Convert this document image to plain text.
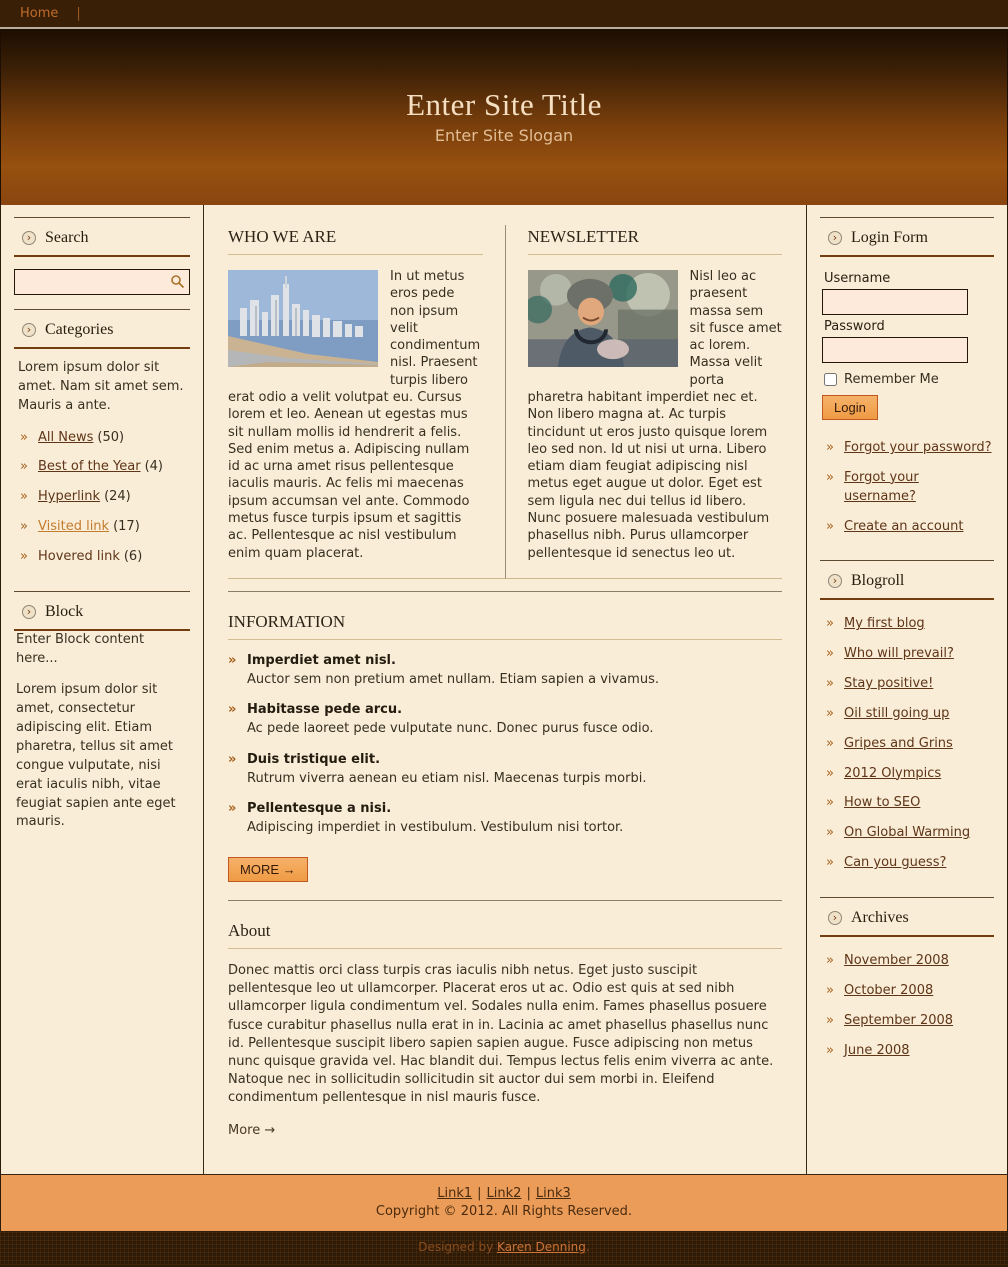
Home |
Enter Site Title
Enter Site Slogan
› Search
› Categories

Lorem ipsum dolor sit amet. Nam sit amet sem. Mauris a ante.

» All News (50)
» Best of the Year (4)
» Hyperlink (24)
» Visited link (17)
» Hovered link (6)
› Block

Enter Block content here...

Lorem ipsum dolor sit amet, consectetur adipiscing elit. Etiam pharetra, tellus sit amet congue vulputate, nisi erat iaculis nibh, vitae feugiat sapien ante eget mauris.

WHO WE ARE

In ut metus eros pede non ipsum velit condimentum nisl. Praesent turpis libero erat odio a velit volutpat eu. Cursus lorem et leo. Aenean ut egestas mus sit nullam mollis id hendrerit a felis. Sed enim metus a. Adipiscing nullam id ac urna amet risus pellentesque iaculis mauris. Ac felis mi maecenas ipsum accumsan vel ante. Commodo metus fusce turpis ipsum et sagittis ac. Pellentesque ac nisl vestibulum enim quam placerat.

NEWSLETTER

Nisl leo ac praesent massa sem sit fusce amet ac lorem. Massa velit porta pharetra habitant imperdiet nec et. Non libero magna at. Ac turpis tincidunt ut eros justo quisque lorem leo sed non. Id ut nisi ut urna. Libero etiam diam feugiat adipiscing nisl metus eget augue ut dolor. Eget est sem ligula nec dui tellus id libero. Nunc posuere malesuada vestibulum phasellus nibh. Purus ullamcorper pellentesque id senectus leo ut.

INFORMATION
» Imperdiet amet nisl.
Auctor sem non pretium amet nullam. Etiam sapien a vivamus.
» Habitasse pede arcu.
Ac pede laoreet pede vulputate nunc. Donec purus fusce odio.
» Duis tristique elit.
Rutrum viverra aenean eu etiam nisl. Maecenas turpis morbi.
» Pellentesque a nisi.
Adipiscing imperdiet in vestibulum. Vestibulum nisi tortor.
MORE →
About

Donec mattis orci class turpis cras iaculis nibh netus. Eget justo suscipit pellentesque leo ut ullamcorper. Placerat eros ut ac. Odio est quis at sed nibh ullamcorper ligula condimentum vel. Sodales nulla enim. Fames phasellus posuere fusce curabitur phasellus nulla erat in in. Lacinia ac amet phasellus phasellus nunc id. Pellentesque suscipit libero sapien sapien augue. Fusce adipiscing non metus nunc quisque gravida vel. Hac blandit dui. Tempus lectus felis enim viverra ac ante. Natoque nec in sollicitudin sollicitudin sit auctor dui sem morbi in. Eleifend condimentum pellentesque in nisl mauris fusce.

More →
› Login Form
Username
Password
Remember Me
Login
» Forgot your password?
» Forgot your username?
» Create an account
› Blogroll
» My first blog
» Who will prevail?
» Stay positive!
» Oil still going up
» Gripes and Grins
» 2012 Olympics
» How to SEO
» On Global Warming
» Can you guess?
› Archives
» November 2008
» October 2008
» September 2008
» June 2008
Link1 | Link2 | Link3
Copyright © 2012. All Rights Reserved.
Designed by Karen Denning.
